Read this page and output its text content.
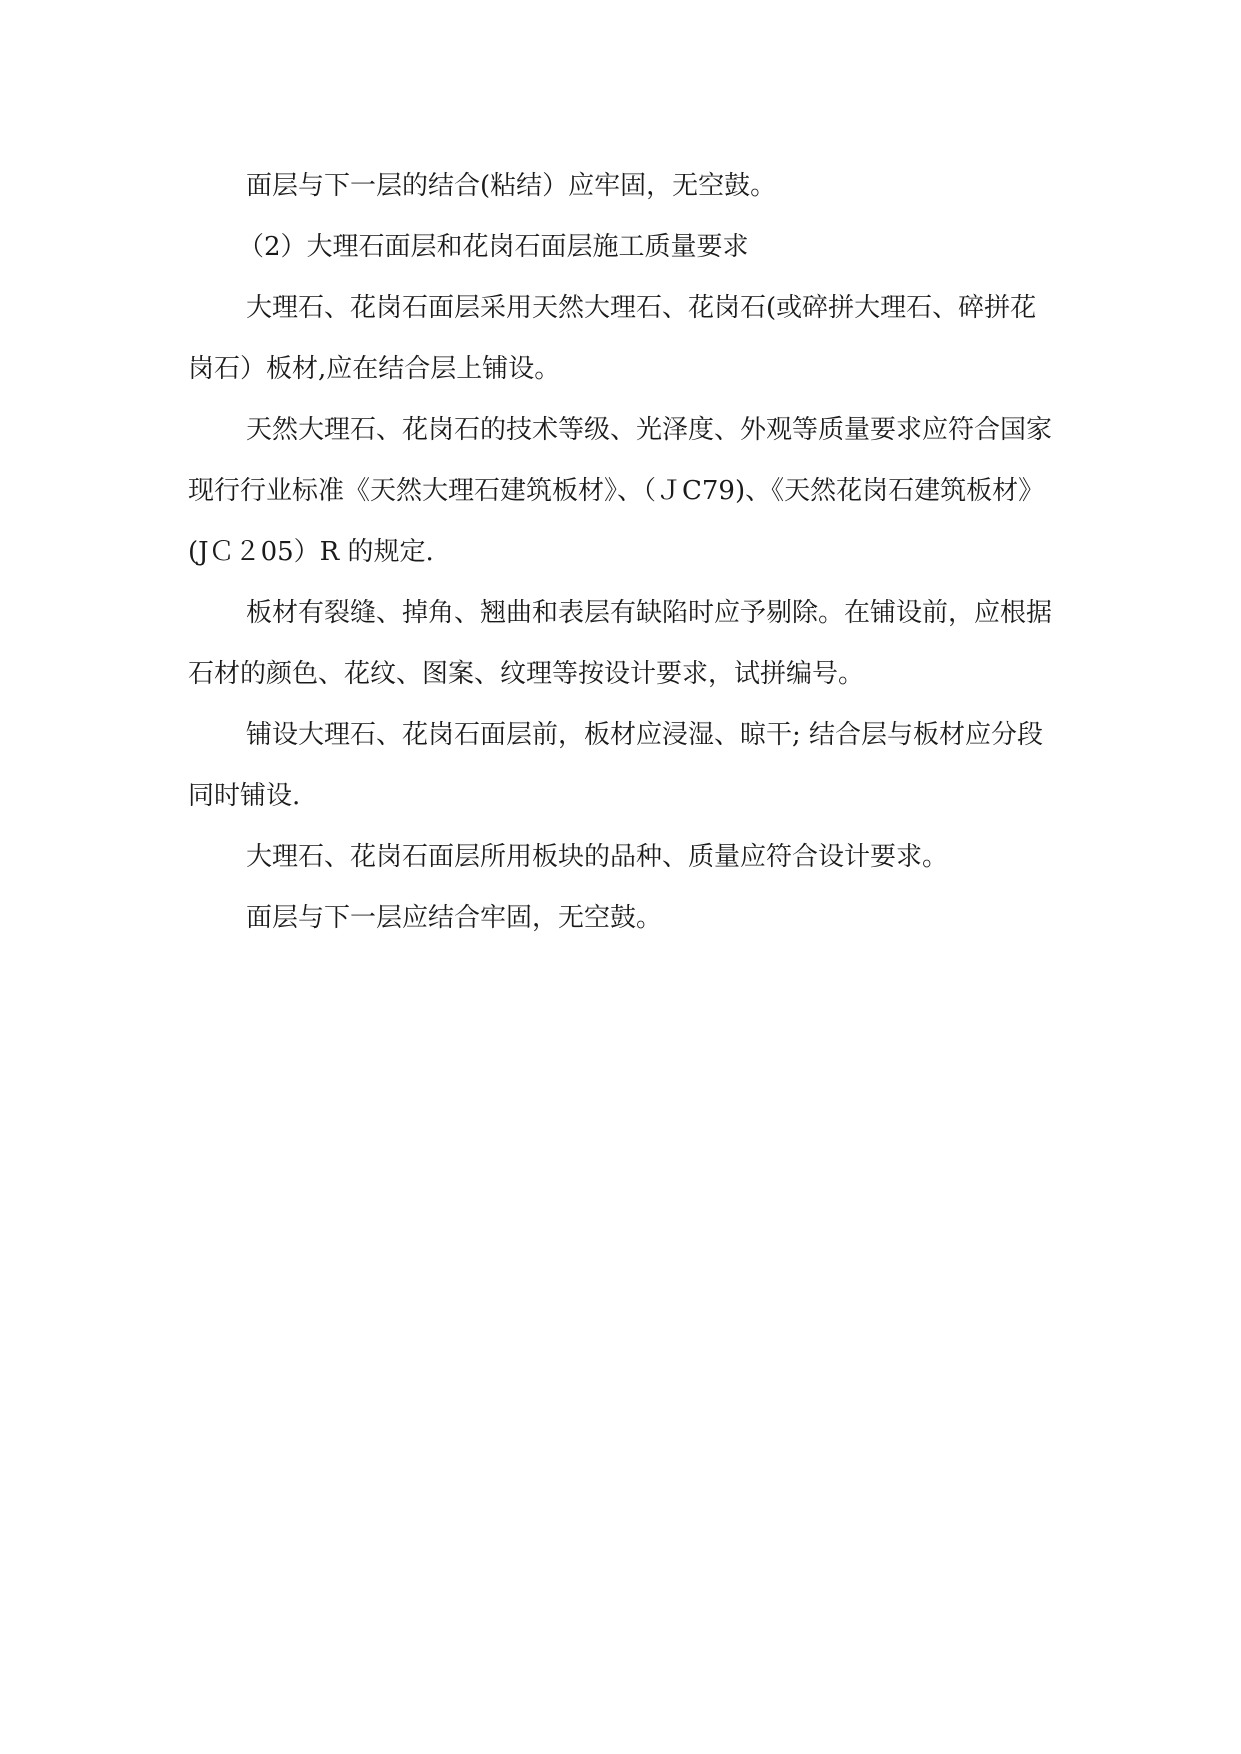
面层与下一层的结合(粘结）应牢固，无空鼓。

（2）大理石面层和花岗石面层施工质量要求

大理石、花岗石面层采用天然大理石、花岗石(或碎拼大理石、碎拼花岗石）板材,应在结合层上铺设。

天然大理石、花岗石的技术等级、光泽度、外观等质量要求应符合国家现行行业标准《天然大理石建筑板材》、（ＪC79)、《天然花岗石建筑板材》(JＣ２05）R 的规定.

板材有裂缝、掉角、翘曲和表层有缺陷时应予剔除。在铺设前，应根据石材的颜色、花纹、图案、纹理等按设计要求，试拼编号。

铺设大理石、花岗石面层前，板材应浸湿、晾干; 结合层与板材应分段同时铺设.

大理石、花岗石面层所用板块的品种、质量应符合设计要求。

面层与下一层应结合牢固，无空鼓。
